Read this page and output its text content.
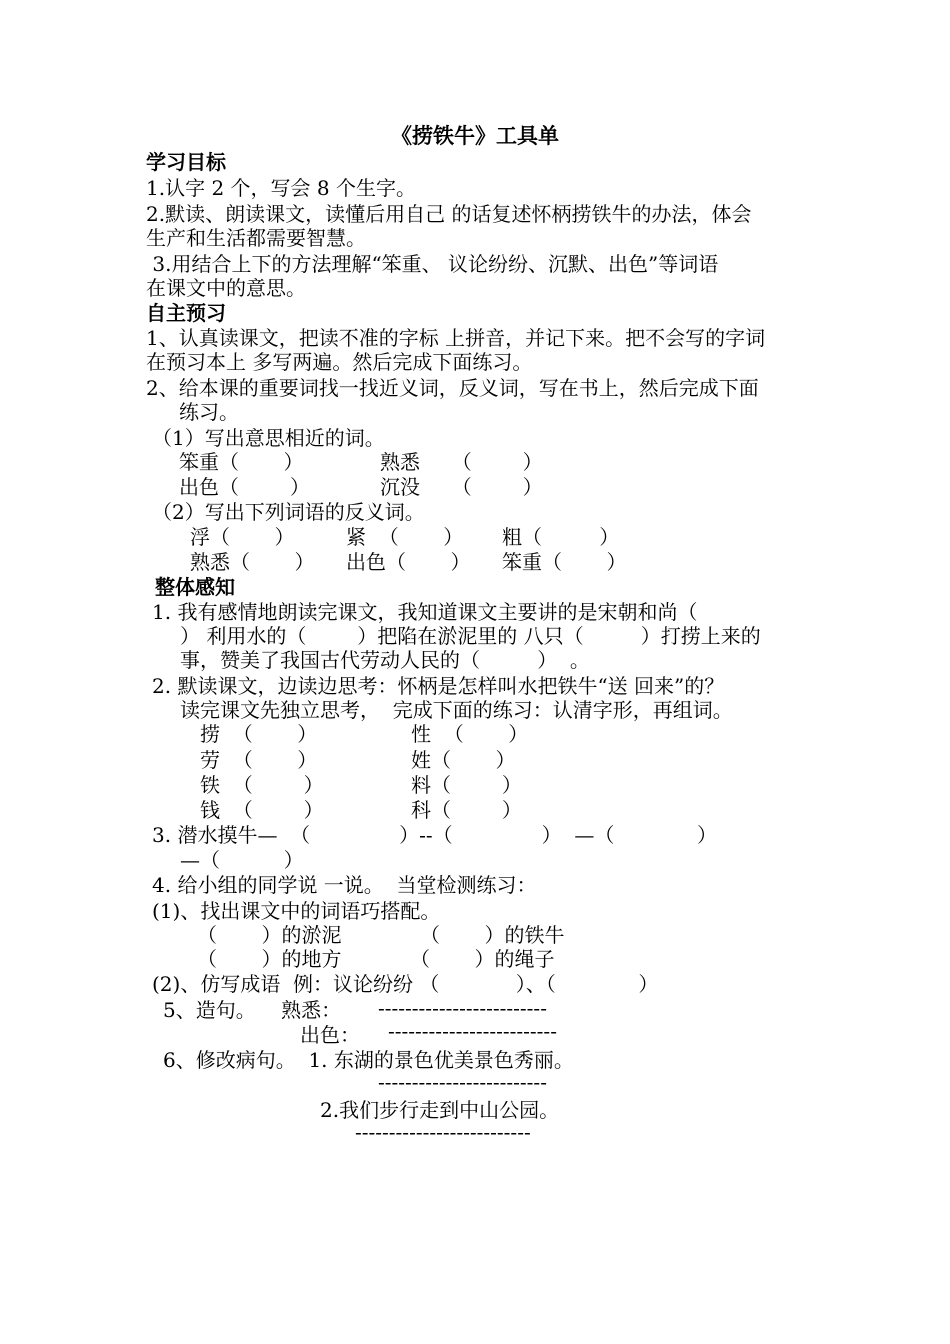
《捞铁牛》工具单
学习目标
1.认字 2 个，写会 8 个生字。
2.默读、朗读课文，读懂后用自己 的话复述怀柄捞铁牛的办法，体会
生产和生活都需要智慧。
3.用结合上下的方法理解“笨重、 议论纷纷、沉默、出色”等词语
在课文中的意思。
自主预习
1、认真读课文，把读不准的字标 上拼音，并记下来。把不会写的字词
在预习本上 多写两遍。然后完成下面练习。
2、给本课的重要词找一找近义词，反义词，写在书上，然后完成下面
练习。
（1）写出意思相近的词。
笨重（       ）	熟悉     （        ）
出色（        ）	沉没     （        ）
（2）写出下列词语的反义词。
浮（       ）	紧  （       ） 粗（         ）
熟悉（       ） 出色（       ） 笨重（       ）
整体感知
1. 我有感情地朗读完课文，我知道课文主要讲的是宋朝和尚（
） 利用水的（        ）把陷在淤泥里的 八只（         ）打捞上来的
事，赞美了我国古代劳动人民的（         ）  。
2. 默读课文，边读边思考：怀柄是怎样叫水把铁牛“送 回来”的？
读完课文先独立思考，  完成下面的练习：认清字形，再组词。
捞  （       ）	性  （       ）
劳  （       ）	姓（       ）
铁  （        ）	料（        ）
钱  （        ）	科（        ）
3. 潜水摸牛—  （              ）--（              ）  —（             ）
—（          ）
4. 给小组的同学说 一说。  当堂检测练习：
(1)、找出课文中的词语巧搭配。
（       ）的淤泥	（       ）的铁牛
（       ）的地方	（       ）的绳子
(2)、仿写成语  例：议论纷纷 （            ）、（             ）
5、造句。    熟悉： -------------------------
出色： -------------------------
6、修改病句。  1. 东湖的景色优美景色秀丽。
-------------------------
2.我们步行走到中山公园。
--------------------------
